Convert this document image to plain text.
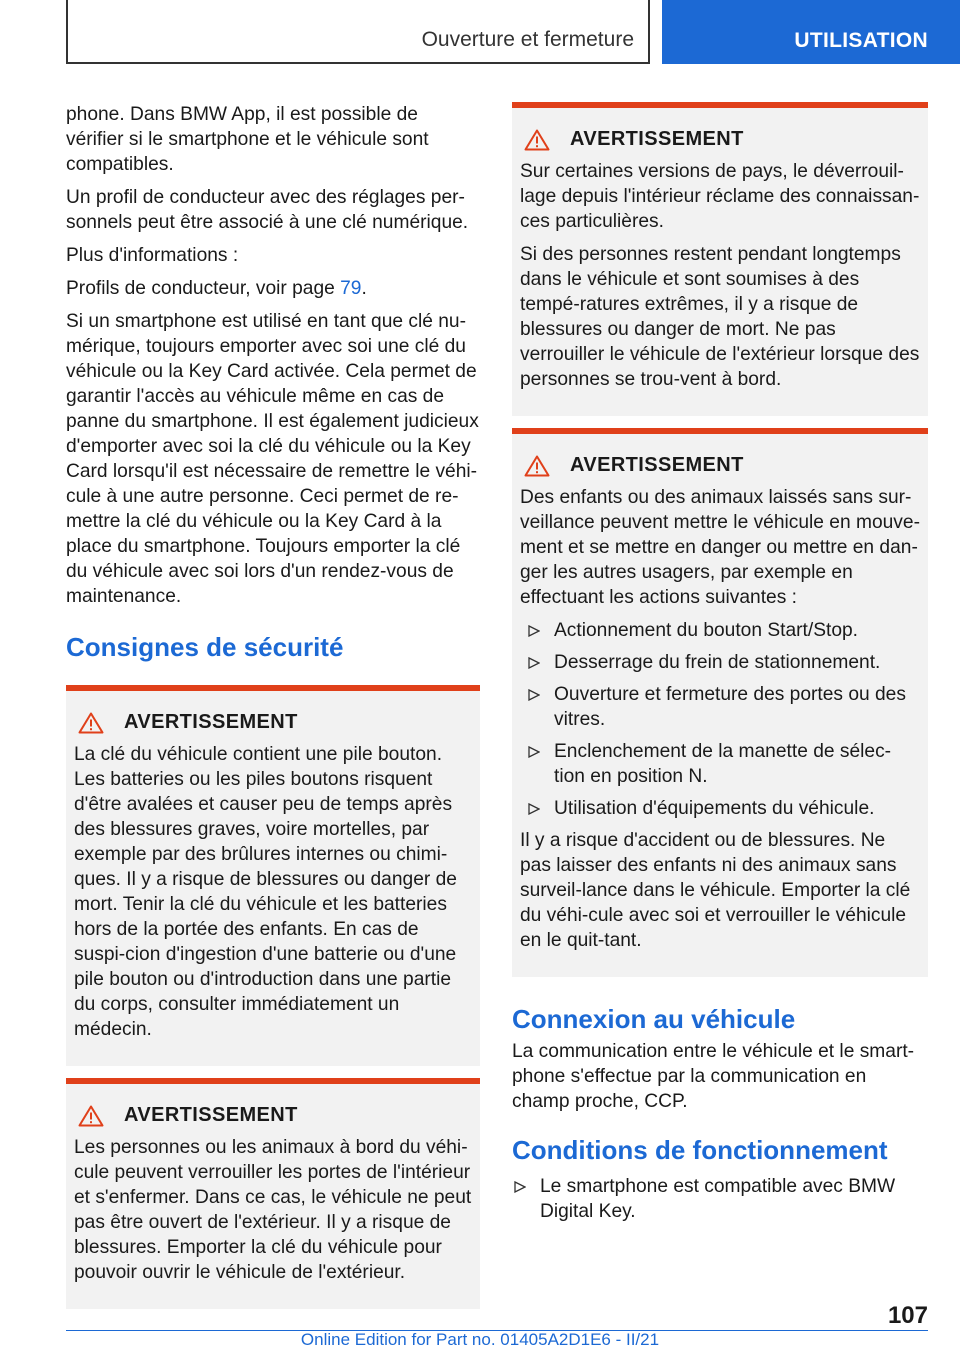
Ouverture et fermeture	UTILISATION

phone. Dans BMW App, il est possible de vérifier si le smartphone et le véhicule sont compatibles.

Un profil de conducteur avec des réglages per-sonnels peut être associé à une clé numérique.

Plus d'informations :

Profils de conducteur, voir page 79.

Si un smartphone est utilisé en tant que clé nu-mérique, toujours emporter avec soi une clé du véhicule ou la Key Card activée. Cela permet de garantir l'accès au véhicule même en cas de panne du smartphone. Il est également judicieux d'emporter avec soi la clé du véhicule ou la Key Card lorsqu'il est nécessaire de remettre le véhi-cule à une autre personne. Ceci permet de re-mettre la clé du véhicule ou la Key Card à la place du smartphone. Toujours emporter la clé du véhicule avec soi lors d'un rendez-vous de maintenance.

Consignes de sécurité
AVERTISSEMENT

La clé du véhicule contient une pile bouton. Les batteries ou les piles boutons risquent d'être avalées et causer peu de temps après des blessures graves, voire mortelles, par exemple par des brûlures internes ou chimi-ques. Il y a risque de blessures ou danger de mort. Tenir la clé du véhicule et les batteries hors de la portée des enfants. En cas de suspi-cion d'ingestion d'une batterie ou d'une pile bouton ou d'introduction dans une partie du corps, consulter immédiatement un médecin.

AVERTISSEMENT

Les personnes ou les animaux à bord du véhi-cule peuvent verrouiller les portes de l'intérieur et s'enfermer. Dans ce cas, le véhicule ne peut pas être ouvert de l'extérieur. Il y a risque de blessures. Emporter la clé du véhicule pour pouvoir ouvrir le véhicule de l'extérieur.

AVERTISSEMENT

Sur certaines versions de pays, le déverrouil-lage depuis l'intérieur réclame des connaissan-ces particulières.

Si des personnes restent pendant longtemps dans le véhicule et sont soumises à des tempé-ratures extrêmes, il y a risque de blessures ou danger de mort. Ne pas verrouiller le véhicule de l'extérieur lorsque des personnes se trou-vent à bord.

AVERTISSEMENT

Des enfants ou des animaux laissés sans sur-veillance peuvent mettre le véhicule en mouve-ment et se mettre en danger ou mettre en dan-ger les autres usagers, par exemple en effectuant les actions suivantes :

Actionnement du bouton Start/Stop.
Desserrage du frein de stationnement.
Ouverture et fermeture des portes ou des vitres.
Enclenchement de la manette de sélec-tion en position N.
Utilisation d'équipements du véhicule.

Il y a risque d'accident ou de blessures. Ne pas laisser des enfants ni des animaux sans surveil-lance dans le véhicule. Emporter la clé du véhi-cule avec soi et verrouiller le véhicule en le quit-tant.

Connexion au véhicule

La communication entre le véhicule et le smart-phone s'effectue par la communication en champ proche, CCP.

Conditions de fonctionnement
Le smartphone est compatible avec BMW Digital Key.
107
Online Edition for Part no. 01405A2D1E6 - II/21
